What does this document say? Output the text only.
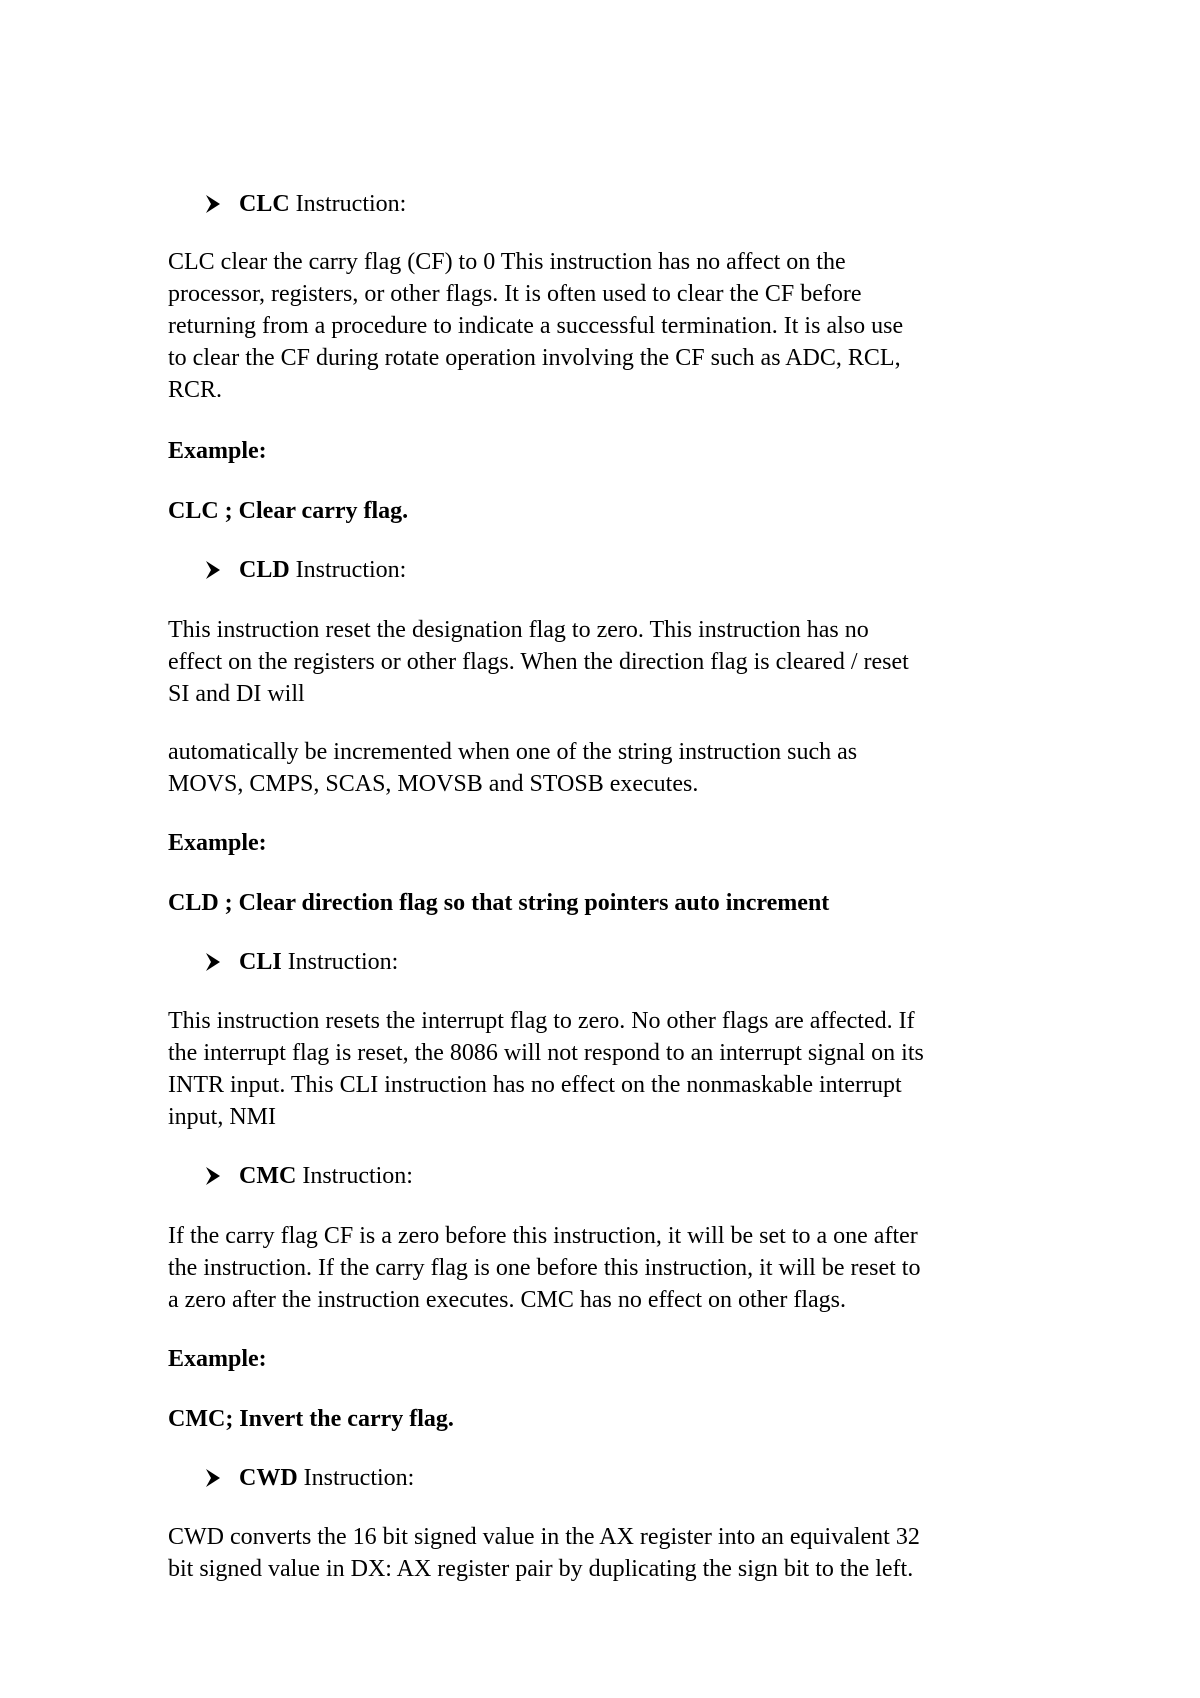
CLC Instruction:
CLC clear the carry flag (CF) to 0 This instruction has no affect on the
processor, registers, or other flags. It is often used to clear the CF before
returning from a procedure to indicate a successful termination. It is also use
to clear the CF during rotate operation involving the CF such as ADC, RCL,
RCR.
Example:
CLC ; Clear carry flag.
CLD Instruction:
This instruction reset the designation flag to zero. This instruction has no
effect on the registers or other flags. When the direction flag is cleared / reset
SI and DI will
automatically be incremented when one of the string instruction such as
MOVS, CMPS, SCAS, MOVSB and STOSB executes.
Example:
CLD ; Clear direction flag so that string pointers auto increment
CLI Instruction:
This instruction resets the interrupt flag to zero. No other flags are affected. If
the interrupt flag is reset, the 8086 will not respond to an interrupt signal on its
INTR input. This CLI instruction has no effect on the nonmaskable interrupt
input, NMI
CMC Instruction:
If the carry flag CF is a zero before this instruction, it will be set to a one after
the instruction. If the carry flag is one before this instruction, it will be reset to
a zero after the instruction executes. CMC has no effect on other flags.
Example:
CMC; Invert the carry flag.
CWD Instruction:
CWD converts the 16 bit signed value in the AX register into an equivalent 32
bit signed value in DX: AX register pair by duplicating the sign bit to the left.
